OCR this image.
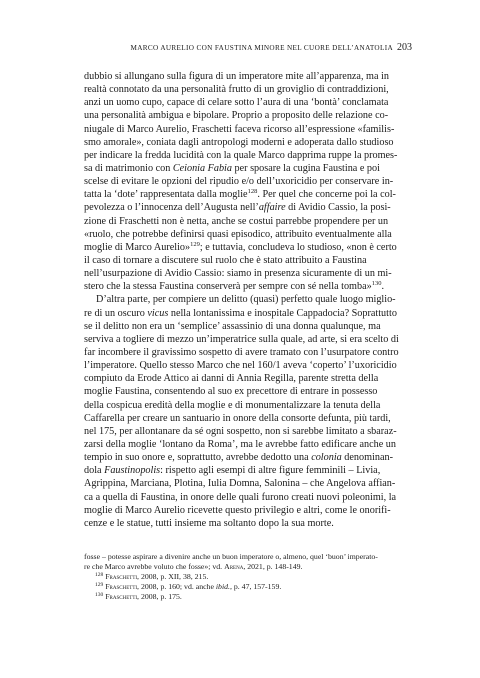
MARCO AURELIO CON FAUSTINA MINORE NEL CUORE DELL’ANATOLIA 203
dubbio si allungano sulla figura di un imperatore mite all’apparenza, ma in
realtà connotato da una personalità frutto di un groviglio di contraddizioni,
anzi un uomo cupo, capace di celare sotto l’aura di una ‘bontà’ conclamata
una personalità ambigua e bipolare. Proprio a proposito delle relazione co-
niugale di Marco Aurelio, Fraschetti faceva ricorso all’espressione «familis-
smo amorale», coniata dagli antropologi moderni e adoperata dallo studioso
per indicare la fredda lucidità con la quale Marco dapprima ruppe la promes-
sa di matrimonio con Ceionia Fabia per sposare la cugina Faustina e poi
scelse di evitare le opzioni del ripudio e/o dell’uxoricidio per conservare in-
tatta la ‘dote’ rappresentata dalla moglie$^{128}$. Per quel che concerne poi la col-
pevolezza o l’innocenza dell’Augusta nell’affaire di Avidio Cassio, la posi-
zione di Fraschetti non è netta, anche se costui parrebbe propendere per un
«ruolo, che potrebbe definirsi quasi episodico, attribuito eventualmente alla
moglie di Marco Aurelio»$^{129}$; e tuttavia, concludeva lo studioso, «non è certo
il caso di tornare a discutere sul ruolo che è stato attribuito a Faustina
nell’usurpazione di Avidio Cassio: siamo in presenza sicuramente di un mi-
stero che la stessa Faustina conserverà per sempre con sé nella tomba»$^{130}$.
D’altra parte, per compiere un delitto (quasi) perfetto quale luogo miglio-
re di un oscuro vicus nella lontanissima e inospitale Cappadocia? Soprattutto
se il delitto non era un ‘semplice’ assassinio di una donna qualunque, ma
serviva a togliere di mezzo un’imperatrice sulla quale, ad arte, si era scelto di
far incombere il gravissimo sospetto di avere tramato con l’usurpatore contro
l’imperatore. Quello stesso Marco che nel 160/1 aveva ‘coperto’ l’uxoricidio
compiuto da Erode Attico ai danni di Annia Regilla, parente stretta della
moglie Faustina, consentendo al suo ex precettore di entrare in possesso
della cospicua eredità della moglie e di monumentalizzare la tenuta della
Caffarella per creare un santuario in onore della consorte defunta, più tardi,
nel 175, per allontanare da sé ogni sospetto, non si sarebbe limitato a sbaraz-
zarsi della moglie ‘lontano da Roma’, ma le avrebbe fatto edificare anche un
tempio in suo onore e, soprattutto, avrebbe dedotto una colonia denominan-
dola Faustinopolis: rispetto agli esempi di altre figure femminili – Livia,
Agrippina, Marciana, Plotina, Iulia Domna, Salonina – che Angelova affian-
ca a quella di Faustina, in onore delle quali furono creati nuovi poleonimi, la
moglie di Marco Aurelio ricevette questo privilegio e altri, come le onorifi-
cenze e le statue, tutti insieme ma soltanto dopo la sua morte.
fosse – potesse aspirare a divenire anche un buon imperatore o, almeno, quel ‘buon’ imperato-
re che Marco avrebbe voluto che fosse»; vd. Arena, 2021, p. 148-149.
$^{128}$ Fraschetti, 2008, p. XII, 38, 215.
$^{129}$ Fraschetti, 2008, p. 160; vd. anche ibid., p. 47, 157-159.
$^{130}$ Fraschetti, 2008, p. 175.
